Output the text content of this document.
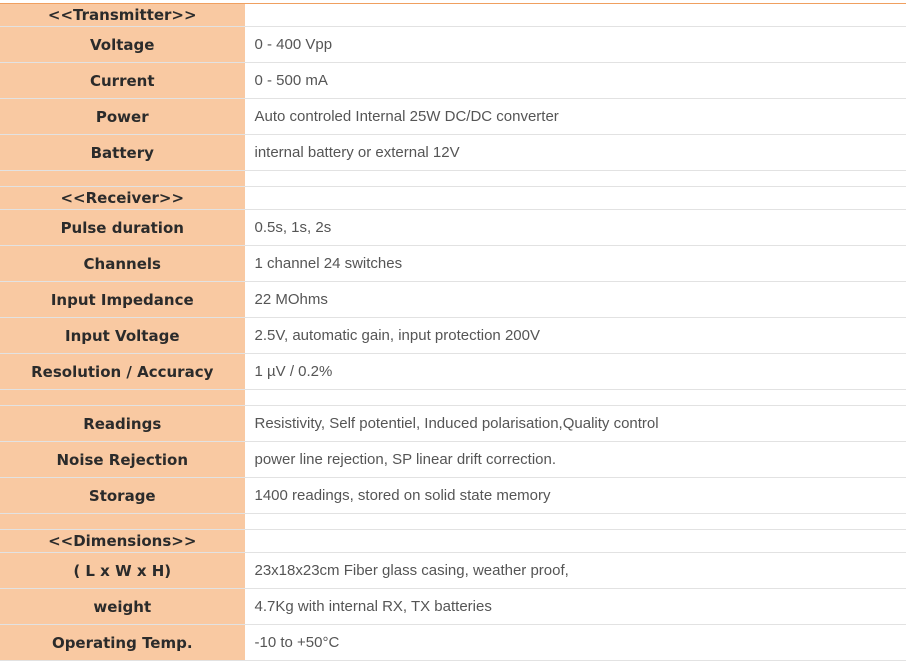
<<Transmitter>>	
Voltage	0 - 400 Vpp
Current	0 - 500 mA
Power	Auto controled Internal 25W DC/DC converter
Battery	internal battery or external 12V

<<Receiver>>	
Pulse duration	0.5s, 1s, 2s
Channels	1 channel 24 switches
Input Impedance	22 MOhms
Input Voltage	2.5V, automatic gain, input protection 200V
Resolution / Accuracy	1 µV / 0.2%

Readings	Resistivity, Self potentiel, Induced polarisation,Quality control
Noise Rejection	power line rejection, SP linear drift correction.
Storage	1400 readings, stored on solid state memory

<<Dimensions>>	
( L x W x H)	23x18x23cm Fiber glass casing, weather proof,
weight	4.7Kg with internal RX, TX batteries
Operating Temp.	-10 to +50°C
